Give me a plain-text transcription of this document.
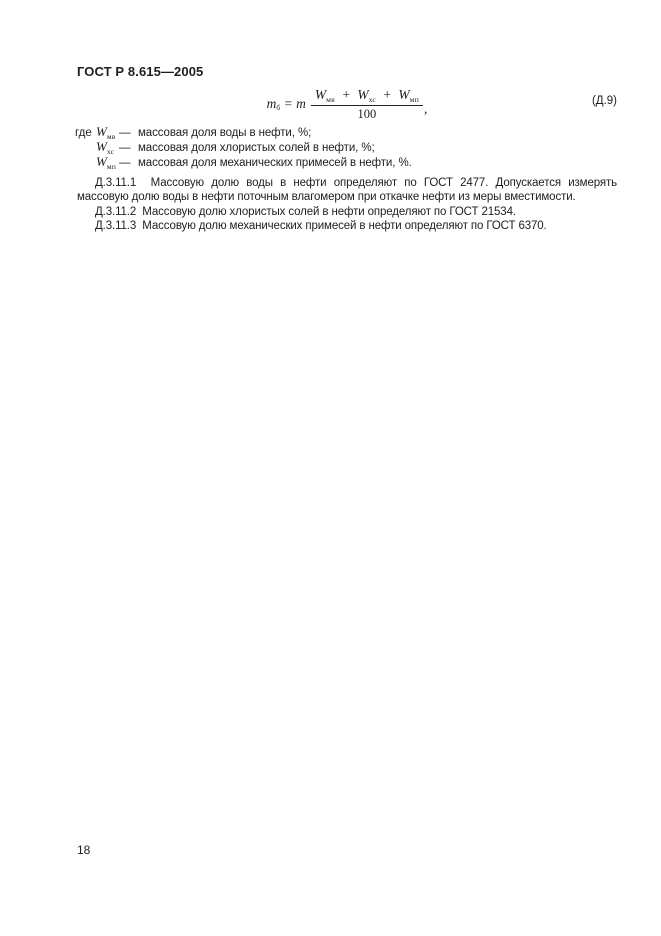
ГОСТ Р 8.615—2005
$m_б = m \frac{W_{мв} + W_{хс} + W_{мп}}{100}$ ,	(Д.9)
где $W_{мв}$ — массовая доля воды в нефти, %;
$W_{хс}$ — массовая доля хлористых солей в нефти, %;
$W_{мп}$ — массовая доля механических примесей в нефти, %.

Д.3.11.1  Массовую долю воды в нефти определяют по ГОСТ 2477. Допускается измерять массовую долю воды в нефти поточным влагомером при откачке нефти из меры вместимости.

Д.3.11.2  Массовую долю хлористых солей в нефти определяют по ГОСТ 21534.

Д.3.11.3  Массовую долю механических примесей в нефти определяют по ГОСТ 6370.

18
